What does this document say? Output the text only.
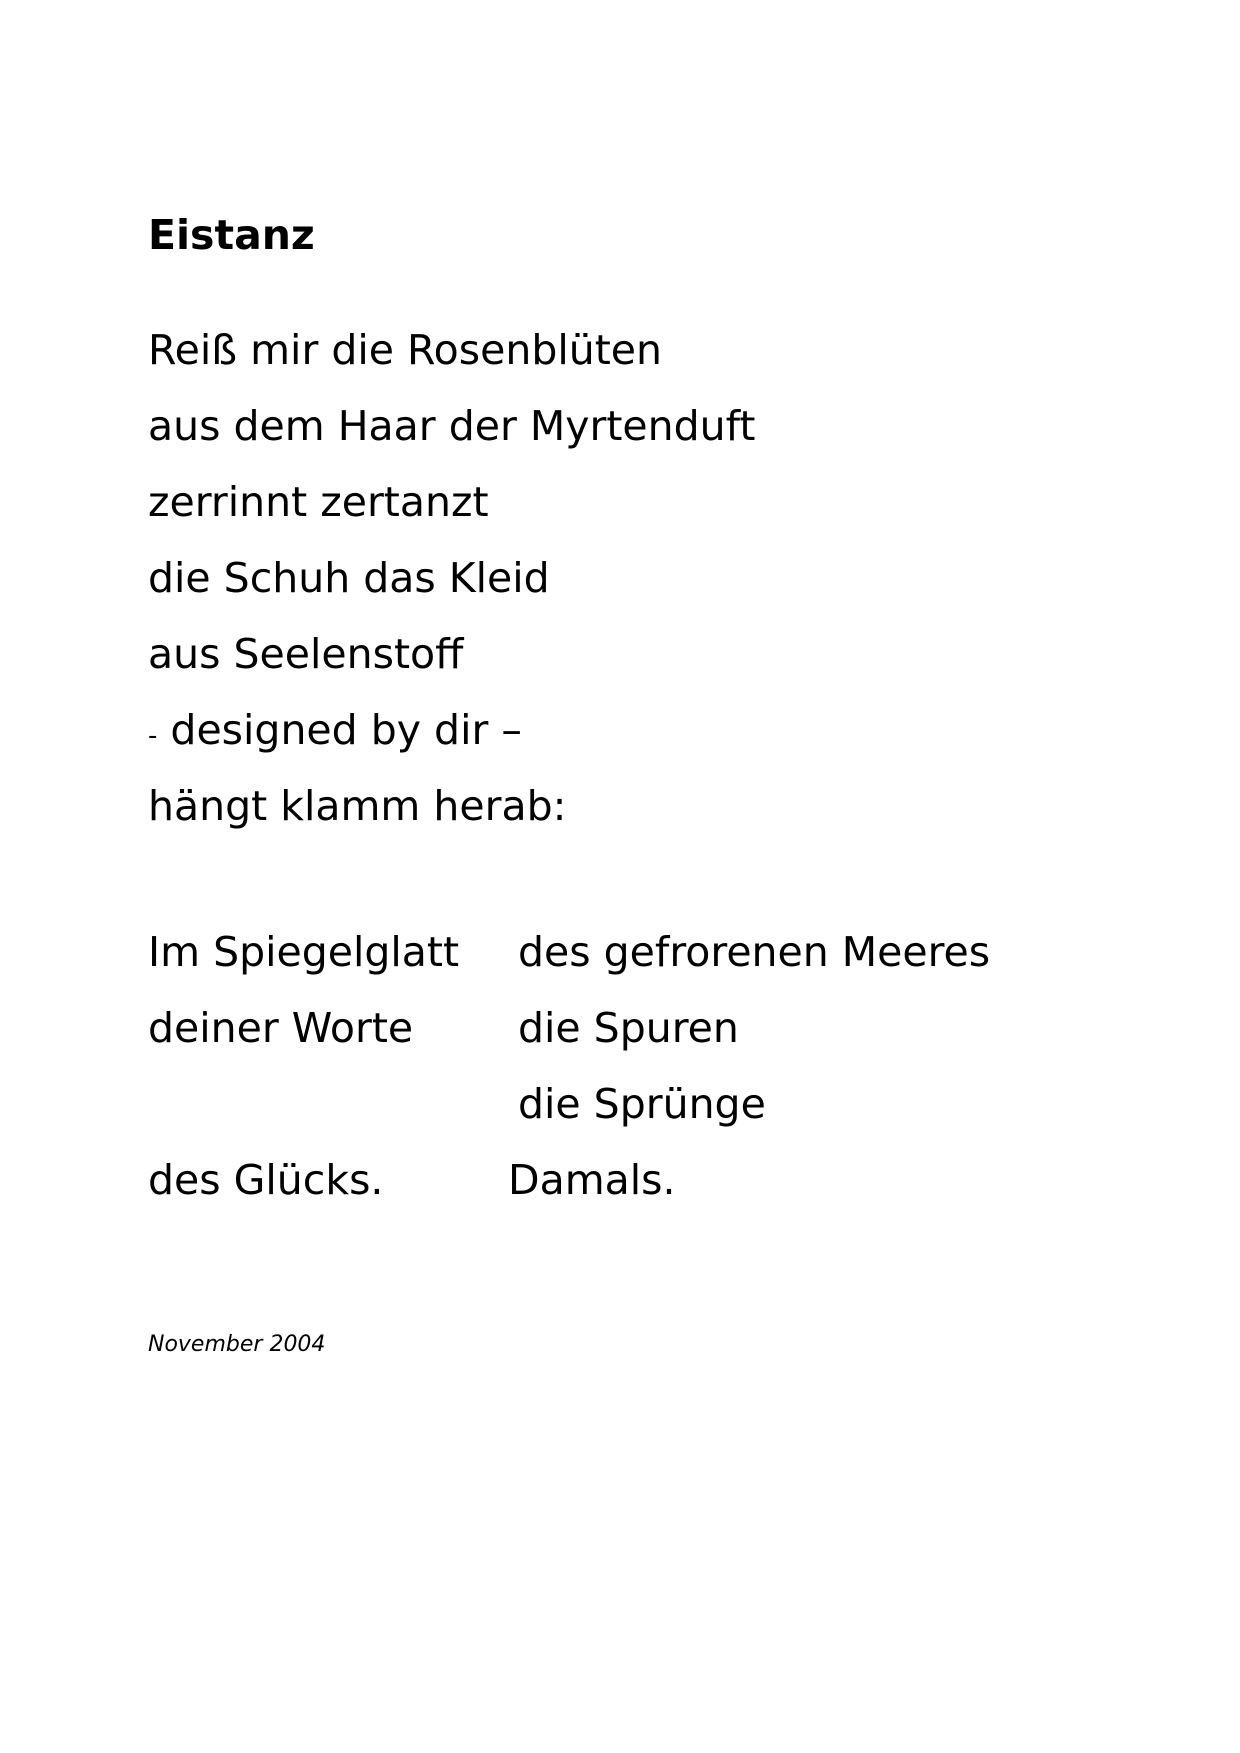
Eistanz
Reiß mir die Rosenblüten
aus dem Haar der Myrtenduft
zerrinnt zertanzt
die Schuh das Kleid
aus Seelenstoff
- designed by dir –
hängt klamm herab:
Im Spiegelglatt des gefrorenen Meeres
deiner Worte	die Spuren
die Sprünge
des Glücks.	Damals.
November 2004
